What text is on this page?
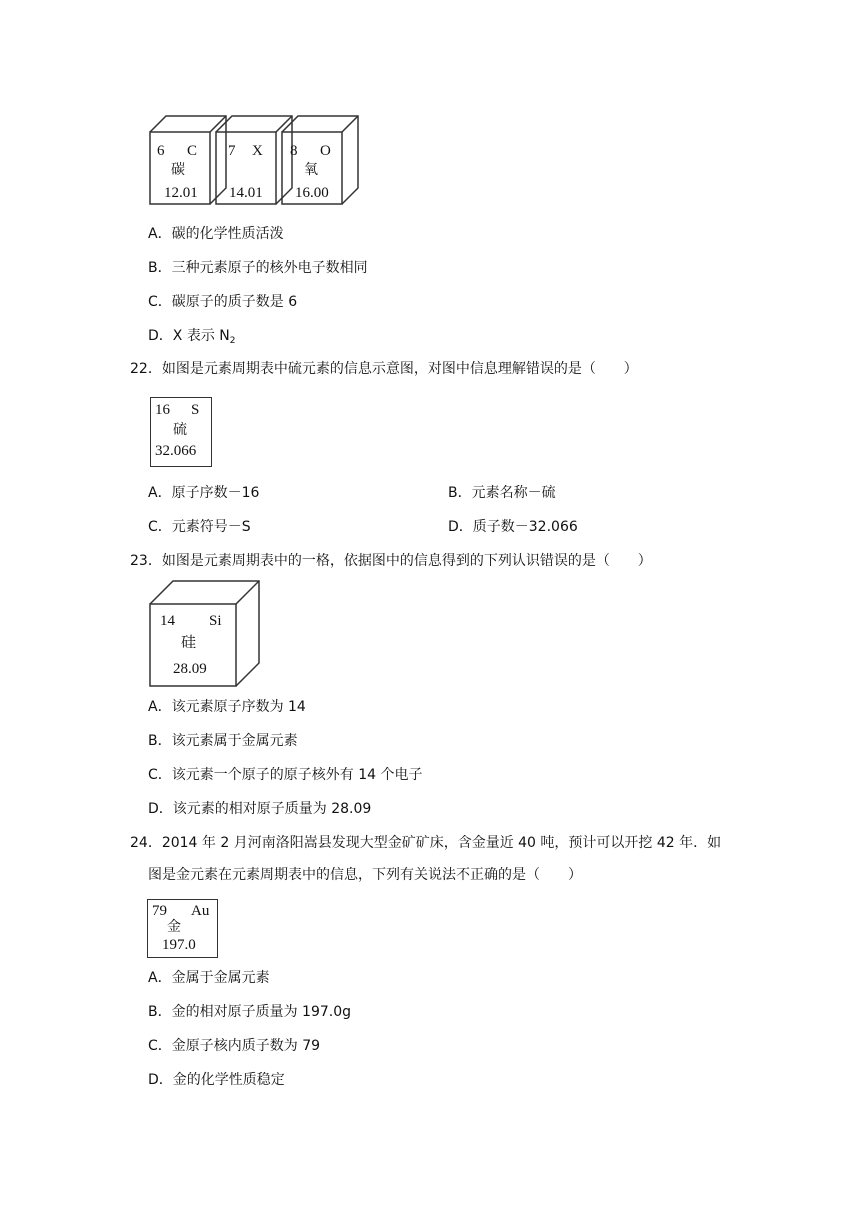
6 C
碳
12.01
7 X
14.01
8 O
氧
16.00
A．碳的化学性质活泼
B．三种元素原子的核外电子数相同
C．碳原子的质子数是 6
D．X 表示 $N_2$
22．如图是元素周期表中硫元素的信息示意图，对图中信息理解错误的是（　　）
16 S
硫
32.066
A．原子序数－16	B．元素名称－硫
C．元素符号－S	D．质子数－32.066
23．如图是元素周期表中的一格，依据图中的信息得到的下列认识错误的是（　　）
14 Si
硅
28.09
A．该元素原子序数为 14
B．该元素属于金属元素
C．该元素一个原子的原子核外有 14 个电子
D．该元素的相对原子质量为 28.09
24．2014 年 2 月河南洛阳嵩县发现大型金矿矿床，含金量近 40 吨，预计可以开挖 42 年．如
图是金元素在元素周期表中的信息，下列有关说法不正确的是（　　）
79 Au
金
197.0
A．金属于金属元素
B．金的相对原子质量为 197.0g
C．金原子核内质子数为 79
D．金的化学性质稳定
